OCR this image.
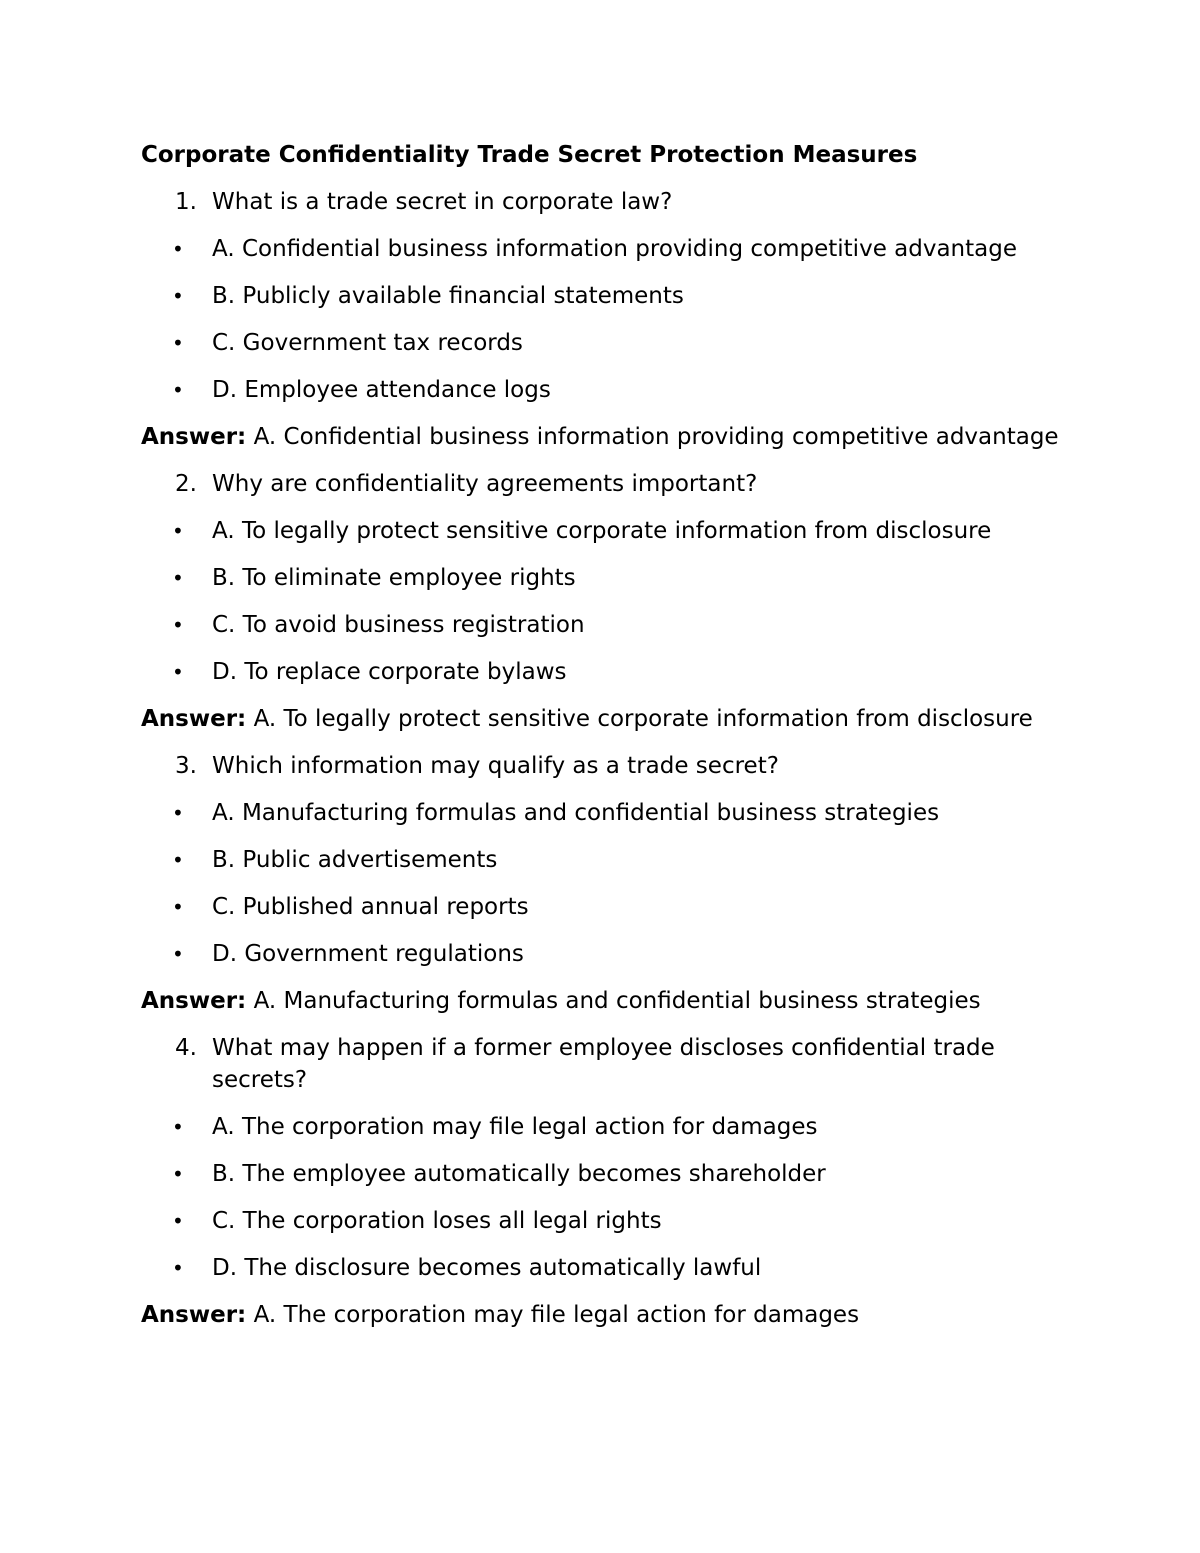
Corporate Confidentiality Trade Secret Protection Measures
1. What is a trade secret in corporate law?
• A. Confidential business information providing competitive advantage
• B. Publicly available financial statements
• C. Government tax records
• D. Employee attendance logs
Answer: A. Confidential business information providing competitive advantage
2. Why are confidentiality agreements important?
• A. To legally protect sensitive corporate information from disclosure
• B. To eliminate employee rights
• C. To avoid business registration
• D. To replace corporate bylaws
Answer: A. To legally protect sensitive corporate information from disclosure
3. Which information may qualify as a trade secret?
• A. Manufacturing formulas and confidential business strategies
• B. Public advertisements
• C. Published annual reports
• D. Government regulations
Answer: A. Manufacturing formulas and confidential business strategies
4. What may happen if a former employee discloses confidential trade secrets?
• A. The corporation may file legal action for damages
• B. The employee automatically becomes shareholder
• C. The corporation loses all legal rights
• D. The disclosure becomes automatically lawful
Answer: A. The corporation may file legal action for damages
